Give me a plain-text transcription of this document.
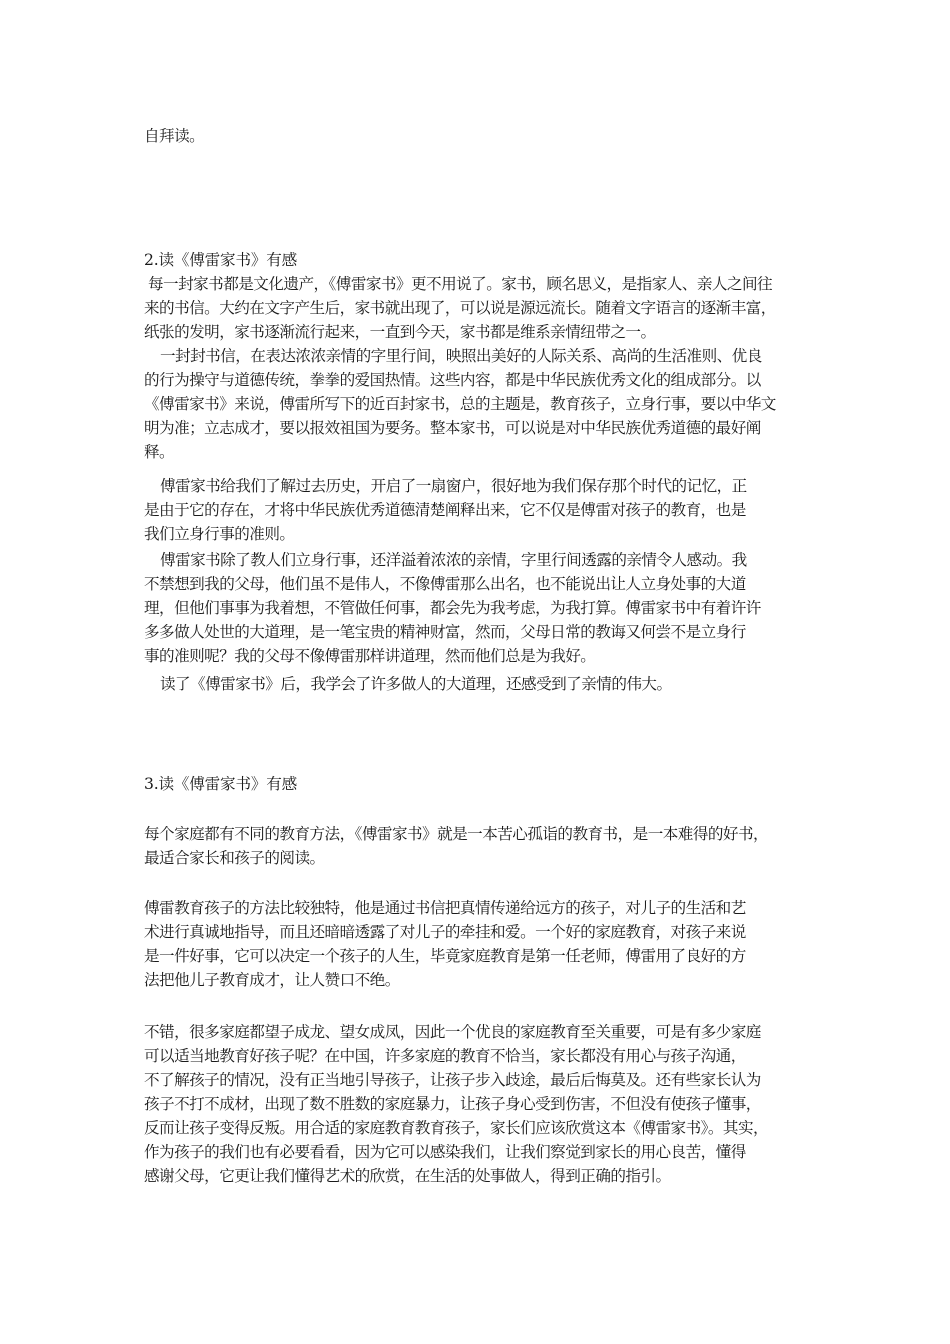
自拜读。
2.读《傅雷家书》有感
每一封家书都是文化遗产，《傅雷家书》更不用说了。家书，顾名思义，是指家人、亲人之间往
来的书信。大约在文字产生后，家书就出现了，可以说是源远流长。随着文字语言的逐渐丰富，
纸张的发明，家书逐渐流行起来，一直到今天，家书都是维系亲情纽带之一。
一封封书信，在表达浓浓亲情的字里行间，映照出美好的人际关系、高尚的生活准则、优良
的行为操守与道德传统，拳拳的爱国热情。这些内容，都是中华民族优秀文化的组成部分。以
《傅雷家书》来说，傅雷所写下的近百封家书，总的主题是，教育孩子，立身行事，要以中华文
明为准；立志成才，要以报效祖国为要务。整本家书，可以说是对中华民族优秀道德的最好阐
释。
傅雷家书给我们了解过去历史，开启了一扇窗户，很好地为我们保存那个时代的记忆，正
是由于它的存在，才将中华民族优秀道德清楚阐释出来，它不仅是傅雷对孩子的教育，也是
我们立身行事的准则。
傅雷家书除了教人们立身行事，还洋溢着浓浓的亲情，字里行间透露的亲情令人感动。我
不禁想到我的父母，他们虽不是伟人，不像傅雷那么出名，也不能说出让人立身处事的大道
理，但他们事事为我着想，不管做任何事，都会先为我考虑，为我打算。傅雷家书中有着许许
多多做人处世的大道理，是一笔宝贵的精神财富，然而，父母日常的教诲又何尝不是立身行
事的准则呢？我的父母不像傅雷那样讲道理，然而他们总是为我好。
读了《傅雷家书》后，我学会了许多做人的大道理，还感受到了亲情的伟大。
3.读《傅雷家书》有感
每个家庭都有不同的教育方法，《傅雷家书》就是一本苦心孤诣的教育书，是一本难得的好书，
最适合家长和孩子的阅读。
傅雷教育孩子的方法比较独特，他是通过书信把真情传递给远方的孩子，对儿子的生活和艺
术进行真诚地指导，而且还暗暗透露了对儿子的牵挂和爱。一个好的家庭教育，对孩子来说
是一件好事，它可以决定一个孩子的人生，毕竟家庭教育是第一任老师，傅雷用了良好的方
法把他儿子教育成才，让人赞口不绝。
不错，很多家庭都望子成龙、望女成凤，因此一个优良的家庭教育至关重要，可是有多少家庭
可以适当地教育好孩子呢？在中国，许多家庭的教育不恰当，家长都没有用心与孩子沟通，
不了解孩子的情况，没有正当地引导孩子，让孩子步入歧途，最后后悔莫及。还有些家长认为
孩子不打不成材，出现了数不胜数的家庭暴力，让孩子身心受到伤害，不但没有使孩子懂事，
反而让孩子变得反叛。用合适的家庭教育教育孩子，家长们应该欣赏这本《傅雷家书》。其实，
作为孩子的我们也有必要看看，因为它可以感染我们，让我们察觉到家长的用心良苦，懂得
感谢父母，它更让我们懂得艺术的欣赏，在生活的处事做人，得到正确的指引。
